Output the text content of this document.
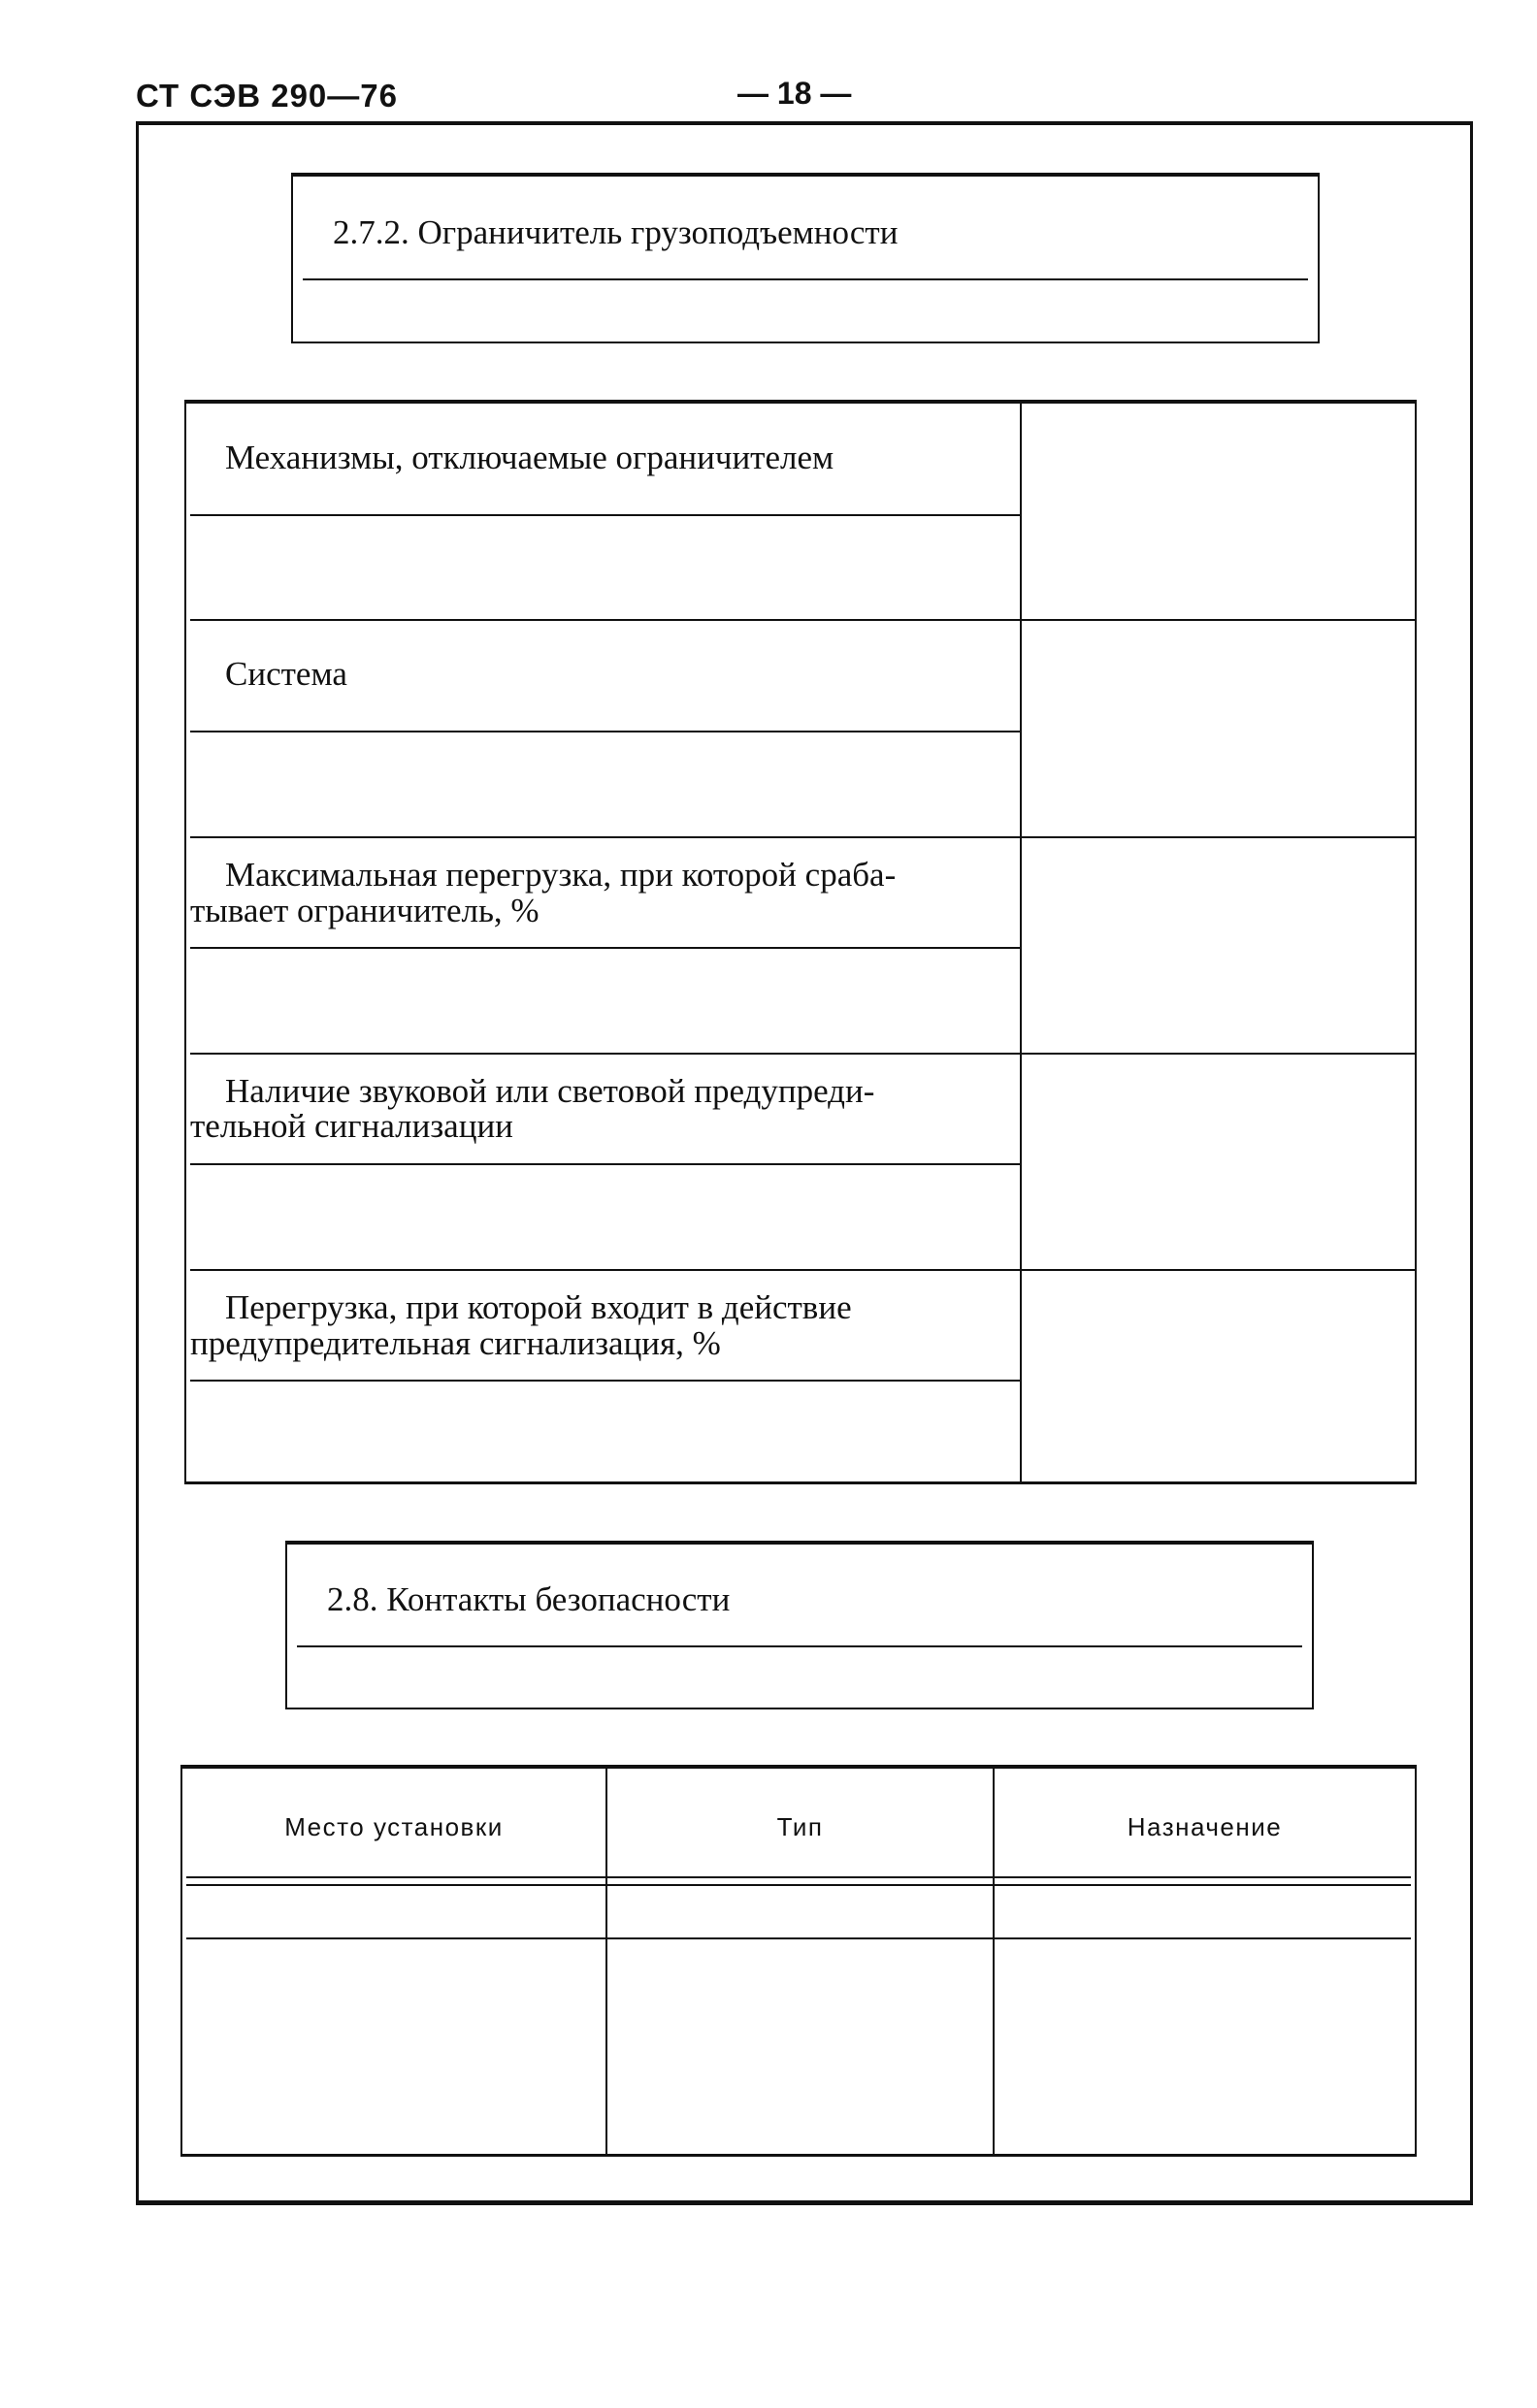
СТ СЭВ 290—76	— 18 —
2.7.2. Ограничитель грузоподъемности
Механизмы, отключаемые ограничителем
Система
Максимальная перегрузка, при которой сраба-
тывает ограничитель, %
Наличие звуковой или световой предупреди-
тельной сигнализации
Перегрузка, при которой входит в действие
предупредительная сигнализация, %
2.8. Контакты безопасности
Место установки	Тип	Назначение
